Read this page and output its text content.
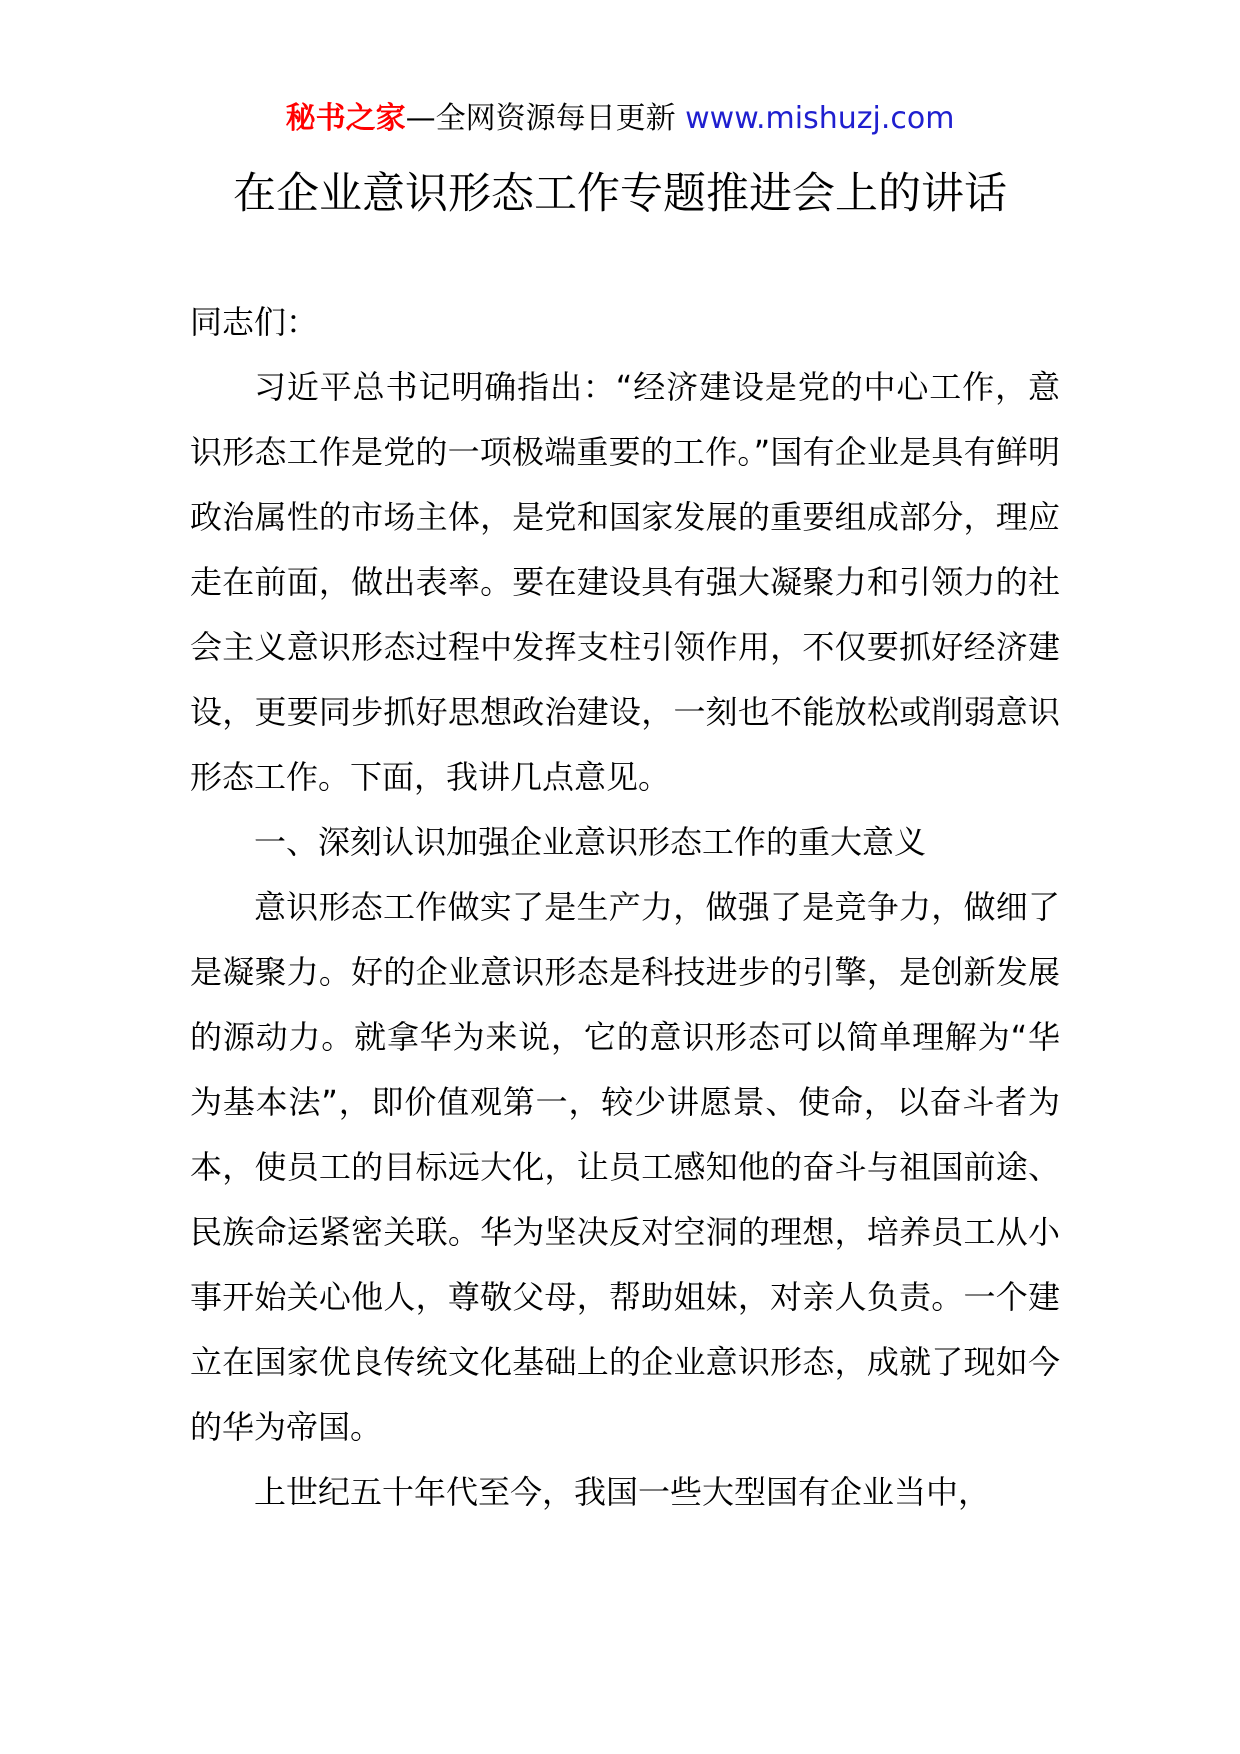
秘书之家—全网资源每日更新 www.mishuzj.com
在企业意识形态工作专题推进会上的讲话

同志们：

习近平总书记明确指出：“经济建设是党的中心工作，意识形态工作是党的一项极端重要的工作。”国有企业是具有鲜明政治属性的市场主体，是党和国家发展的重要组成部分，理应走在前面，做出表率。要在建设具有强大凝聚力和引领力的社会主义意识形态过程中发挥支柱引领作用，不仅要抓好经济建设，更要同步抓好思想政治建设，一刻也不能放松或削弱意识形态工作。下面，我讲几点意见。

一、深刻认识加强企业意识形态工作的重大意义

意识形态工作做实了是生产力，做强了是竞争力，做细了是凝聚力。好的企业意识形态是科技进步的引擎，是创新发展的源动力。就拿华为来说，它的意识形态可以简单理解为“华为基本法”，即价值观第一，较少讲愿景、使命，以奋斗者为本，使员工的目标远大化，让员工感知他的奋斗与祖国前途、民族命运紧密关联。华为坚决反对空洞的理想，培养员工从小事开始关心他人，尊敬父母，帮助姐妹，对亲人负责。一个建立在国家优良传统文化基础上的企业意识形态，成就了现如今的华为帝国。

上世纪五十年代至今，我国一些大型国有企业当中，
